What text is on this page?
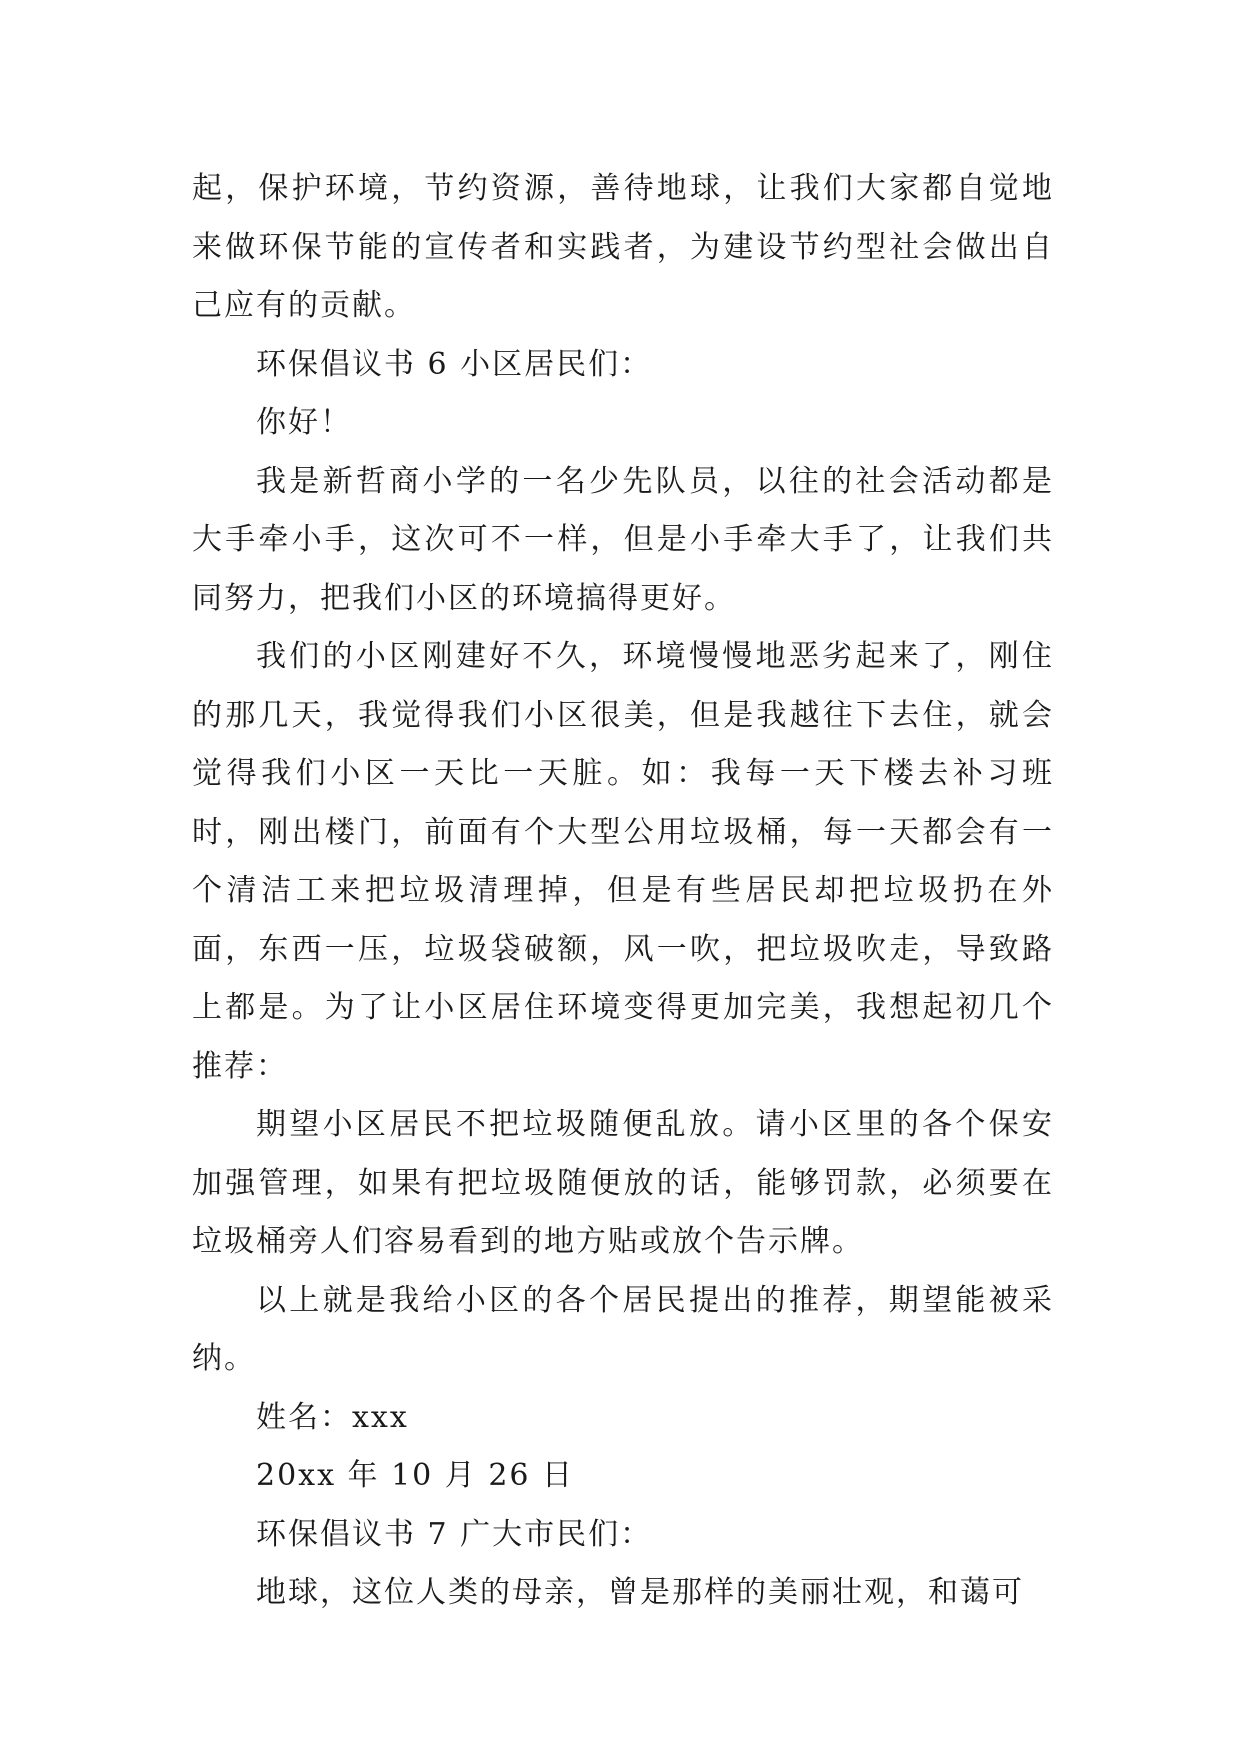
起，保护环境，节约资源，善待地球，让我们大家都自觉地来做环保节能的宣传者和实践者，为建设节约型社会做出自己应有的贡献。

环保倡议书 6 小区居民们：

你好！

我是新哲商小学的一名少先队员，以往的社会活动都是大手牵小手，这次可不一样，但是小手牵大手了，让我们共同努力，把我们小区的环境搞得更好。

我们的小区刚建好不久，环境慢慢地恶劣起来了，刚住的那几天，我觉得我们小区很美，但是我越往下去住，就会觉得我们小区一天比一天脏。如：我每一天下楼去补习班时，刚出楼门，前面有个大型公用垃圾桶，每一天都会有一个清洁工来把垃圾清理掉，但是有些居民却把垃圾扔在外面，东西一压，垃圾袋破额，风一吹，把垃圾吹走，导致路上都是。为了让小区居住环境变得更加完美，我想起初几个推荐：

期望小区居民不把垃圾随便乱放。请小区里的各个保安加强管理，如果有把垃圾随便放的话，能够罚款，必须要在垃圾桶旁人们容易看到的地方贴或放个告示牌。

以上就是我给小区的各个居民提出的推荐，期望能被采纳。

姓名：xxx

20xx 年 10 月 26 日

环保倡议书 7 广大市民们：

地球，这位人类的母亲，曾是那样的美丽壮观，和蔼可
